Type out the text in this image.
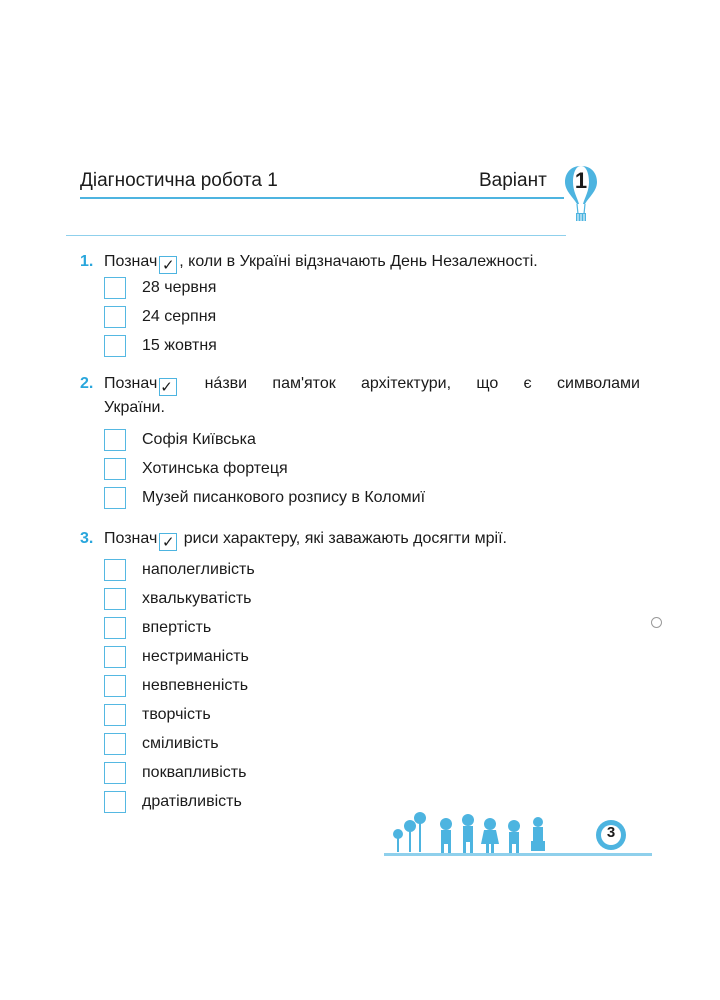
Діагностична робота 1	Варіант	1
1. Познач ✓ , коли в Україні відзначають День Незалежності.
28 червня
24 серпня
15 жовтня
2. Познач ✓ нáзви пам'яток архітектури, що є символами
України.
Софія Київська
Хотинська фортеця
Музей писанкового розпису в Коломиї
3. Познач ✓ риси характеру, які заважають досягти мрії.
наполегливість
хвалькуватість
впертість
нестриманість
невпевненість
творчість
сміливість
поквапливість
дратівливість
3
